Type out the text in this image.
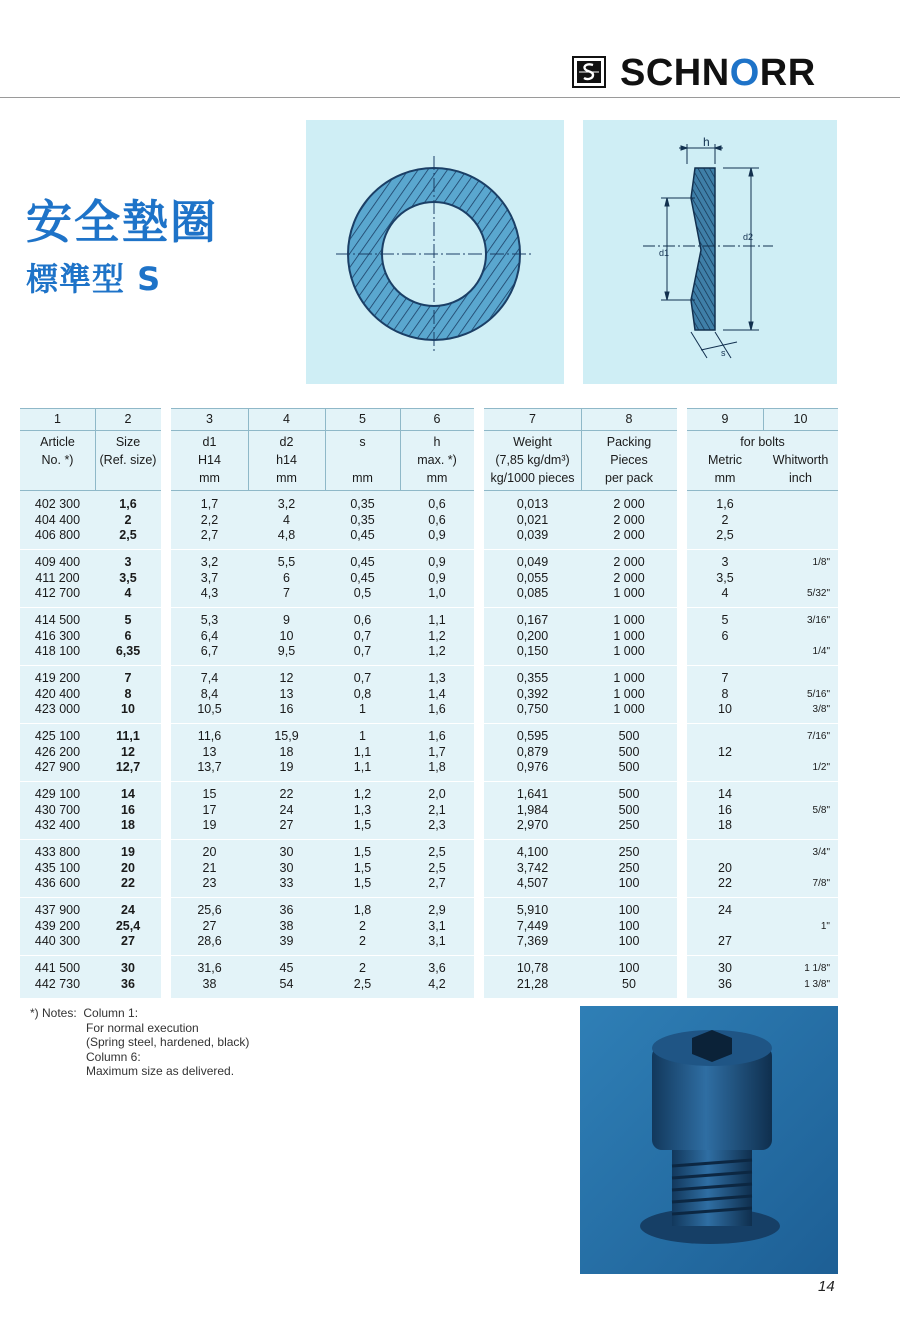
SCHNORR
安全墊圈
標準型 S
h
d1
d2
s
1
Article
No. *)
2
Size
(Ref. size)
3
d1
H14
mm
4
d2
h14
mm
5
s
mm
6
h
max. *)
mm
7
Weight
(7,85 kg/dm³)
kg/1000 pieces
8
Packing
Pieces
per pack
9
Metric
mm
10
Whitworth
inch
for bolts
402 300
404 400
406 800
1,6
2
2,5
1,7
2,2
2,7
3,2
4
4,8
0,35
0,35
0,45
0,6
0,6
0,9
0,013
0,021
0,039
2 000
2 000
2 000
1,6
2
2,5
409 400
411 200
412 700
3
3,5
4
3,2
3,7
4,3
5,5
6
7
0,45
0,45
0,5
0,9
0,9
1,0
0,049
0,055
0,085
2 000
2 000
1 000
3
3,5
4
1/8"
5/32"
414 500
416 300
418 100
5
6
6,35
5,3
6,4
6,7
9
10
9,5
0,6
0,7
0,7
1,1
1,2
1,2
0,167
0,200
0,150
1 000
1 000
1 000
5
6
3/16"
1/4"
419 200
420 400
423 000
7
8
10
7,4
8,4
10,5
12
13
16
0,7
0,8
1
1,3
1,4
1,6
0,355
0,392
0,750
1 000
1 000
1 000
7
8
10
5/16"
3/8"
425 100
426 200
427 900
11,1
12
12,7
11,6
13
13,7
15,9
18
19
1
1,1
1,1
1,6
1,7
1,8
0,595
0,879
0,976
500
500
500
12
7/16"
1/2"
429 100
430 700
432 400
14
16
18
15
17
19
22
24
27
1,2
1,3
1,5
2,0
2,1
2,3
1,641
1,984
2,970
500
500
250
14
16
18
5/8"
433 800
435 100
436 600
19
20
22
20
21
23
30
30
33
1,5
1,5
1,5
2,5
2,5
2,7
4,100
3,742
4,507
250
250
100
20
22
3/4"
7/8"
437 900
439 200
440 300
24
25,4
27
25,6
27
28,6
36
38
39
1,8
2
2
2,9
3,1
3,1
5,910
7,449
7,369
100
100
100
24
27
1"
441 500
442 730
30
36
31,6
38
45
54
2
2,5
3,6
4,2
10,78
21,28
100
50
30
36
1 1/8"
1 3/8"
*) Notes: Column 1:
For normal execution
(Spring steel, hardened, black)
Column 6:
Maximum size as delivered.
14
